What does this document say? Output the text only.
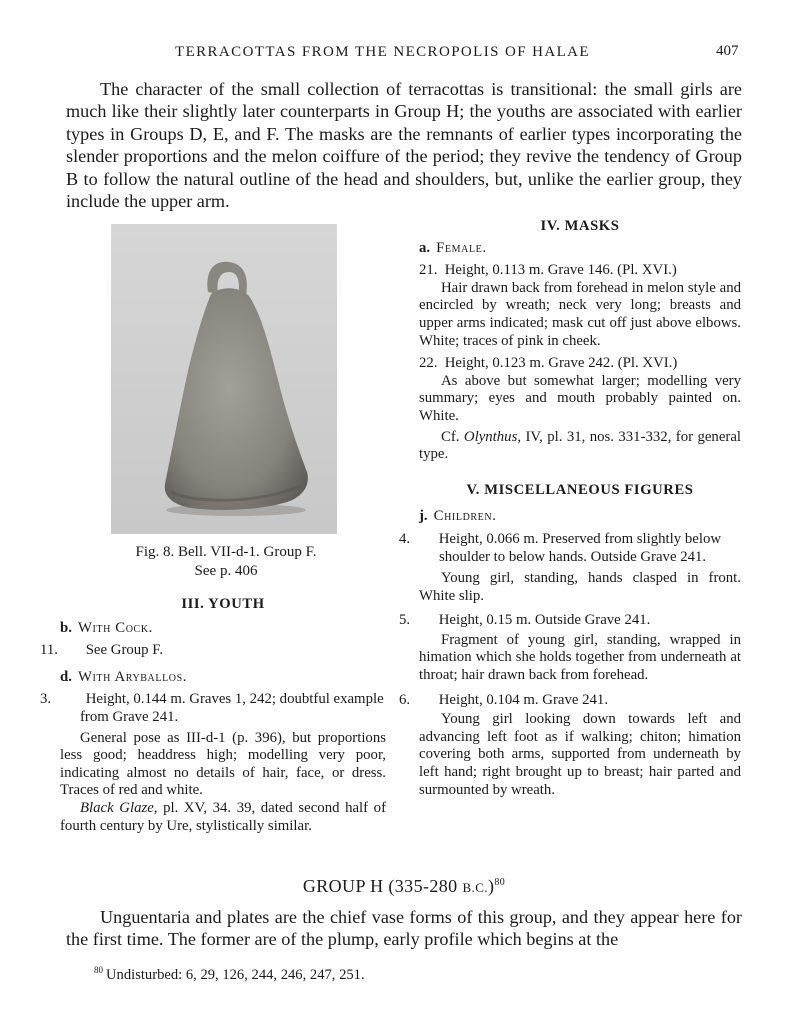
TERRACOTTAS FROM THE NECROPOLIS OF HALAE	407

The character of the small collection of terracottas is transitional: the small girls are much like their slightly later counterparts in Group H; the youths are associated with earlier types in Groups D, E, and F. The masks are the remnants of earlier types incorporating the slender proportions and the melon coiffure of the period; they revive the tendency of Group B to follow the natural outline of the head and shoulders, but, unlike the earlier group, they include the upper arm.

Fig. 8. Bell. VII-d-1. Group F.
See p. 406
III. YOUTH
b. With Cock.
11. See Group F.
d. With Aryballos.
3. Height, 0.144 m. Graves 1, 242; doubtful example from Grave 241.
General pose as III-d-1 (p. 396), but proportions less good; headdress high; modelling very poor, indicating almost no details of hair, face, or dress. Traces of red and white.
Black Glaze, pl. XV, 34. 39, dated second half of fourth century by Ure, stylistically similar.
IV. MASKS
a. Female.
21. Height, 0.113 m. Grave 146. (Pl. XVI.)
Hair drawn back from forehead in melon style and encircled by wreath; neck very long; breasts and upper arms indicated; mask cut off just above elbows. White; traces of pink in cheek.
22. Height, 0.123 m. Grave 242. (Pl. XVI.)
As above but somewhat larger; modelling very summary; eyes and mouth probably painted on. White.
Cf. Olynthus, IV, pl. 31, nos. 331-332, for general type.
V. MISCELLANEOUS FIGURES
j. Children.
4. Height, 0.066 m. Preserved from slightly below shoulder to below hands. Outside Grave 241.
Young girl, standing, hands clasped in front. White slip.
5. Height, 0.15 m. Outside Grave 241.
Fragment of young girl, standing, wrapped in himation which she holds together from underneath at throat; hair drawn back from forehead.
6. Height, 0.104 m. Grave 241.
Young girl looking down towards left and advancing left foot as if walking; chiton; himation covering both arms, supported from underneath by left hand; right brought up to breast; hair parted and surmounted by wreath.
GROUP H (335-280 B.C.)$^{80}$

Unguentaria and plates are the chief vase forms of this group, and they appear here for the first time. The former are of the plump, early profile which begins at the

$^{80}$ Undisturbed: 6, 29, 126, 244, 246, 247, 251.
